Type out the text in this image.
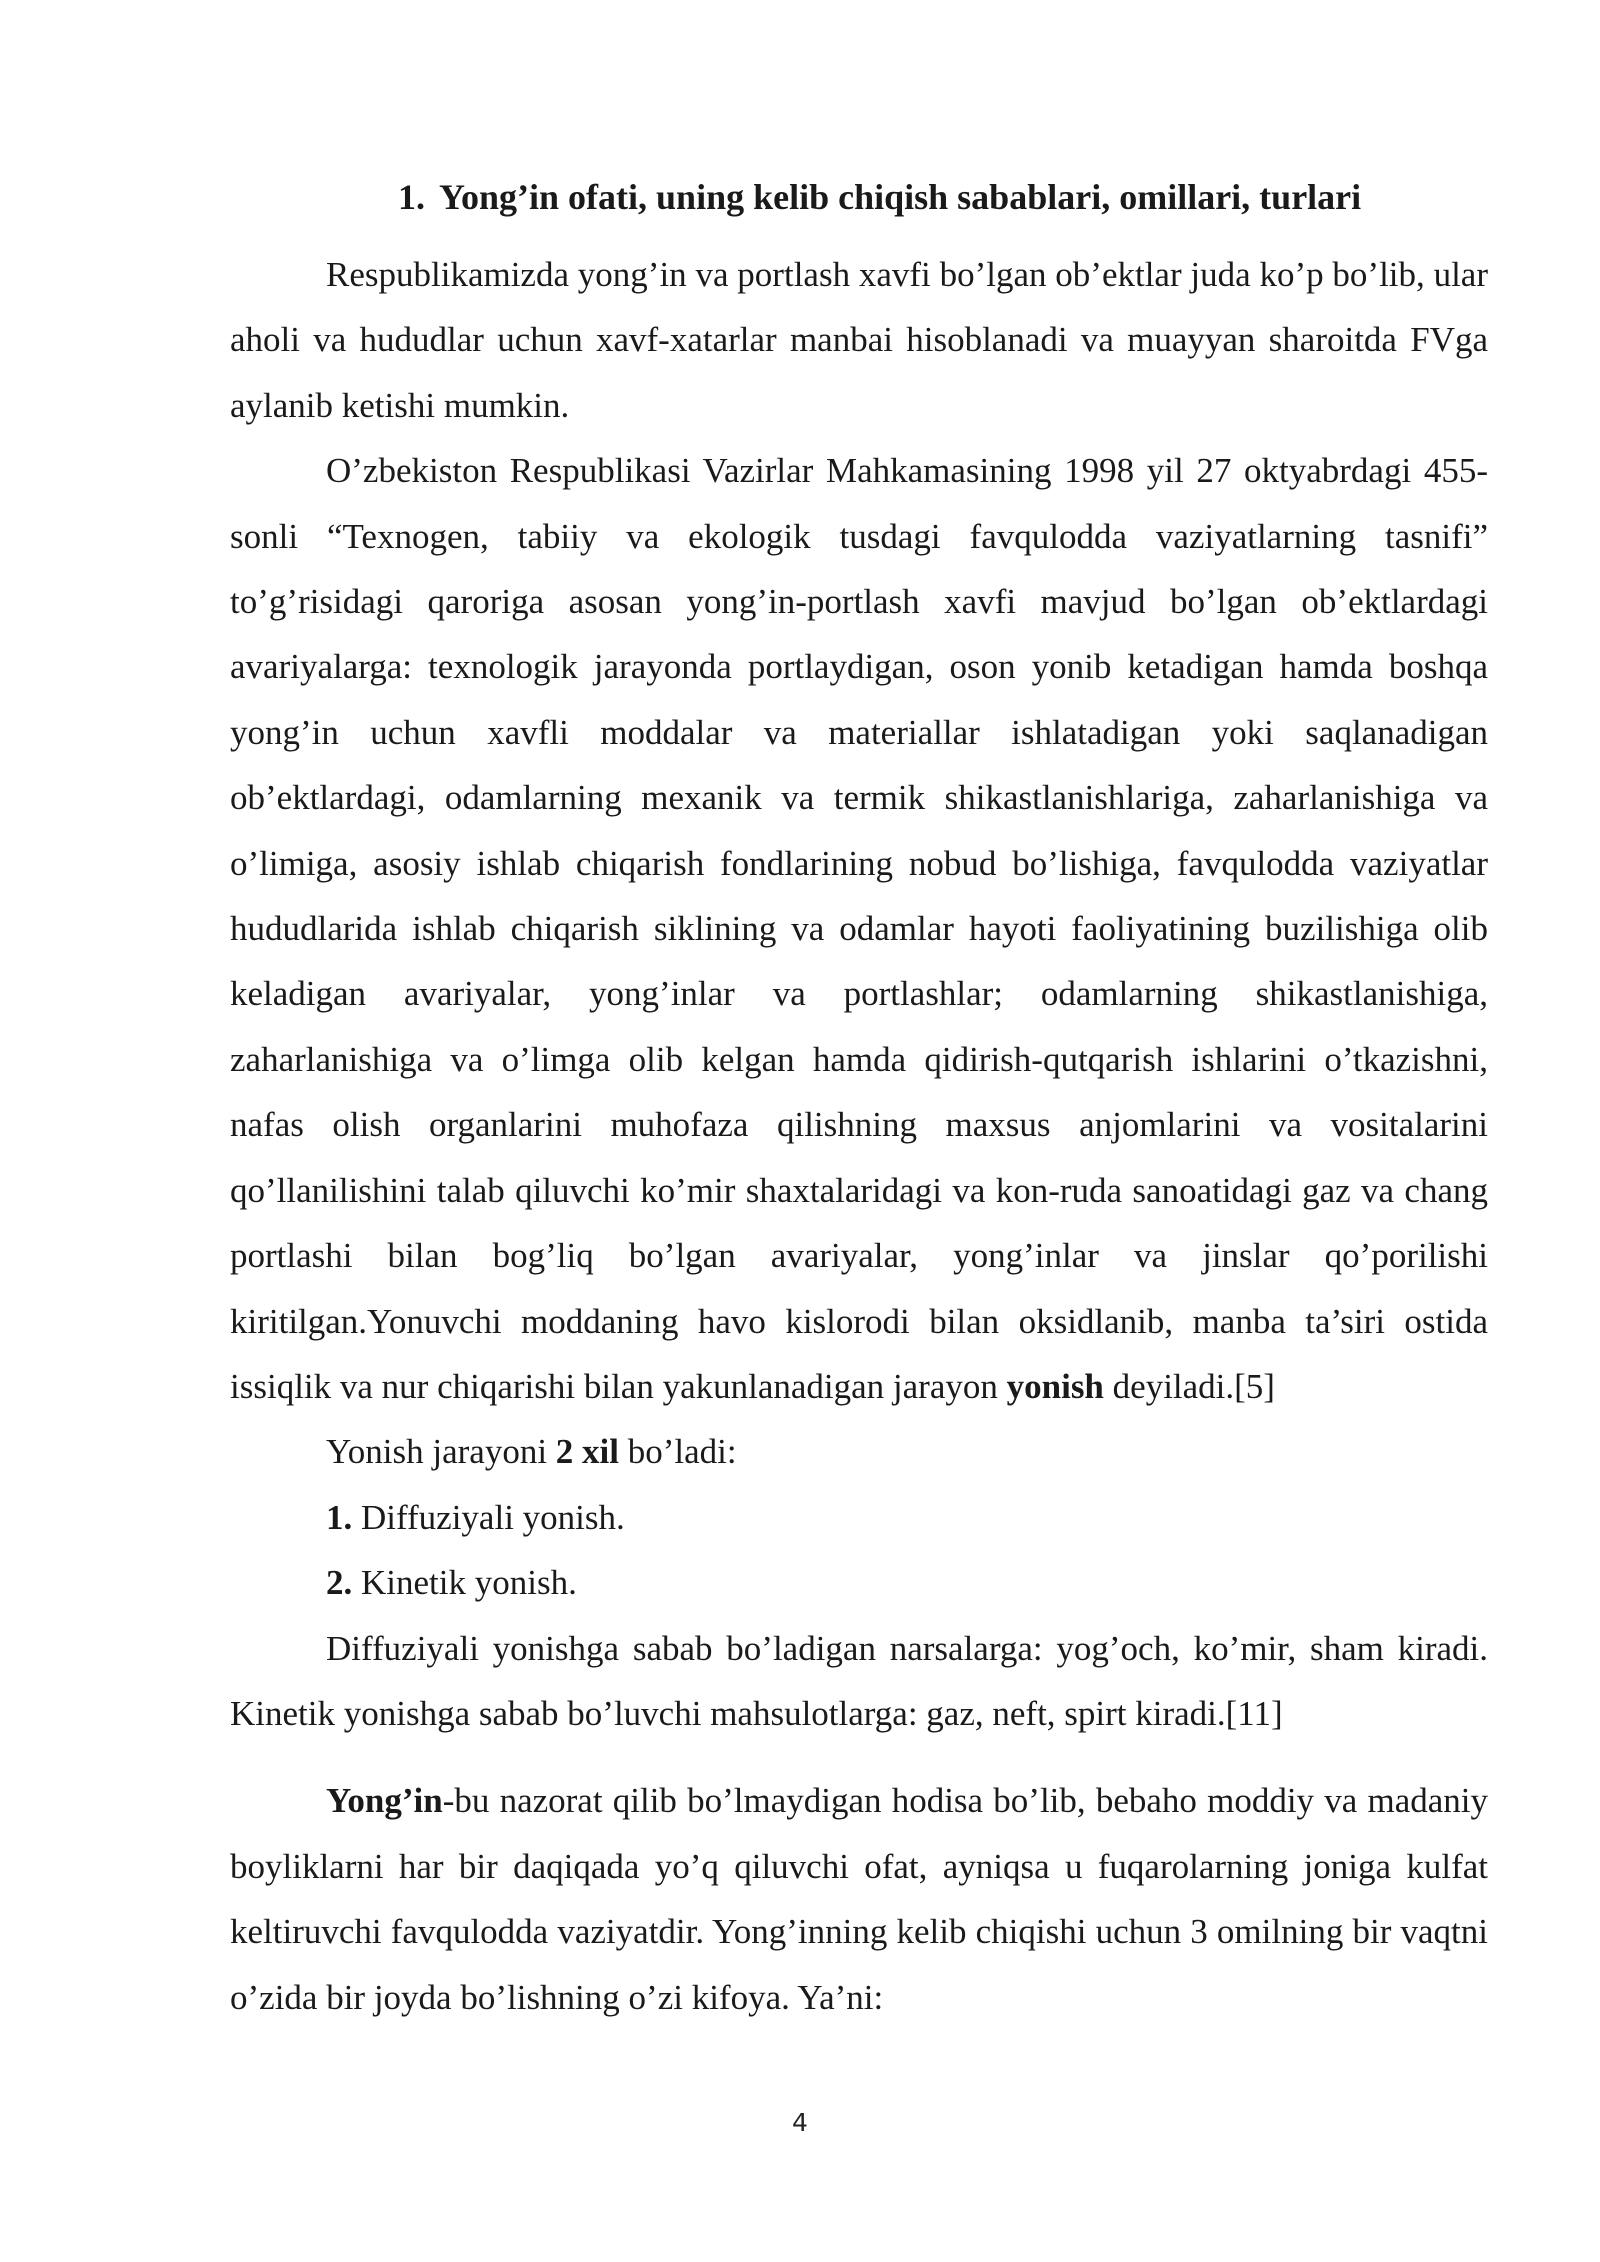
1. Yong’in ofati, uning kelib chiqish sabablari, omillari, turlari

Respublikamizda yong’in va portlash xavfi bo’lgan ob’ektlar juda ko’p bo’lib, ular aholi va hududlar uchun xavf-xatarlar manbai hisoblanadi va muayyan sharoitda FVga aylanib ketishi mumkin.

O’zbekiston Respublikasi Vazirlar Mahkamasining 1998 yil 27 oktyabrdagi 455-sonli “Texnogen, tabiiy va ekologik tusdagi favqulodda vaziyatlarning tasnifi” to’g’risidagi qaroriga asosan yong’in-portlash xavfi mavjud bo’lgan ob’ektlardagi avariyalarga: texnologik jarayonda portlaydigan, oson yonib ketadigan hamda boshqa yong’in uchun xavfli moddalar va materiallar ishlatadigan yoki saqlanadigan ob’ektlardagi, odamlarning mexanik va termik shikastlanishlariga, zaharlanishiga va o’limiga, asosiy ishlab chiqarish fondlarining nobud bo’lishiga, favqulodda vaziyatlar hududlarida ishlab chiqarish siklining va odamlar hayoti faoliyatining buzilishiga olib keladigan avariyalar, yong’inlar va portlashlar; odamlarning shikastlanishiga, zaharlanishiga va o’limga olib kelgan hamda qidirish-qutqarish ishlarini o’tkazishni, nafas olish organlarini muhofaza qilishning maxsus anjomlarini va vositalarini qo’llanilishini talab qiluvchi ko’mir shaxtalaridagi va kon-ruda sanoatidagi gaz va chang portlashi bilan bog’liq bo’lgan avariyalar, yong’inlar va jinslar qo’porilishi kiritilgan.Yonuvchi moddaning havo kislorodi bilan oksidlanib, manba ta’siri ostida issiqlik va nur chiqarishi bilan yakunlanadigan jarayon yonish deyiladi.[5]

Yonish jarayoni 2 xil bo’ladi:

1. Diffuziyali yonish.

2. Kinetik yonish.

Diffuziyali yonishga sabab bo’ladigan narsalarga: yog’och, ko’mir, sham kiradi. Kinetik yonishga sabab bo’luvchi mahsulotlarga: gaz, neft, spirt kiradi.[11]

Yong’in-bu nazorat qilib bo’lmaydigan hodisa bo’lib, bebaho moddiy va madaniy boyliklarni har bir daqiqada yo’q qiluvchi ofat, ayniqsa u fuqarolarning joniga kulfat keltiruvchi favqulodda vaziyatdir. Yong’inning kelib chiqishi uchun 3 omilning bir vaqtni o’zida bir joyda bo’lishning o’zi kifoya. Ya’ni:

4
